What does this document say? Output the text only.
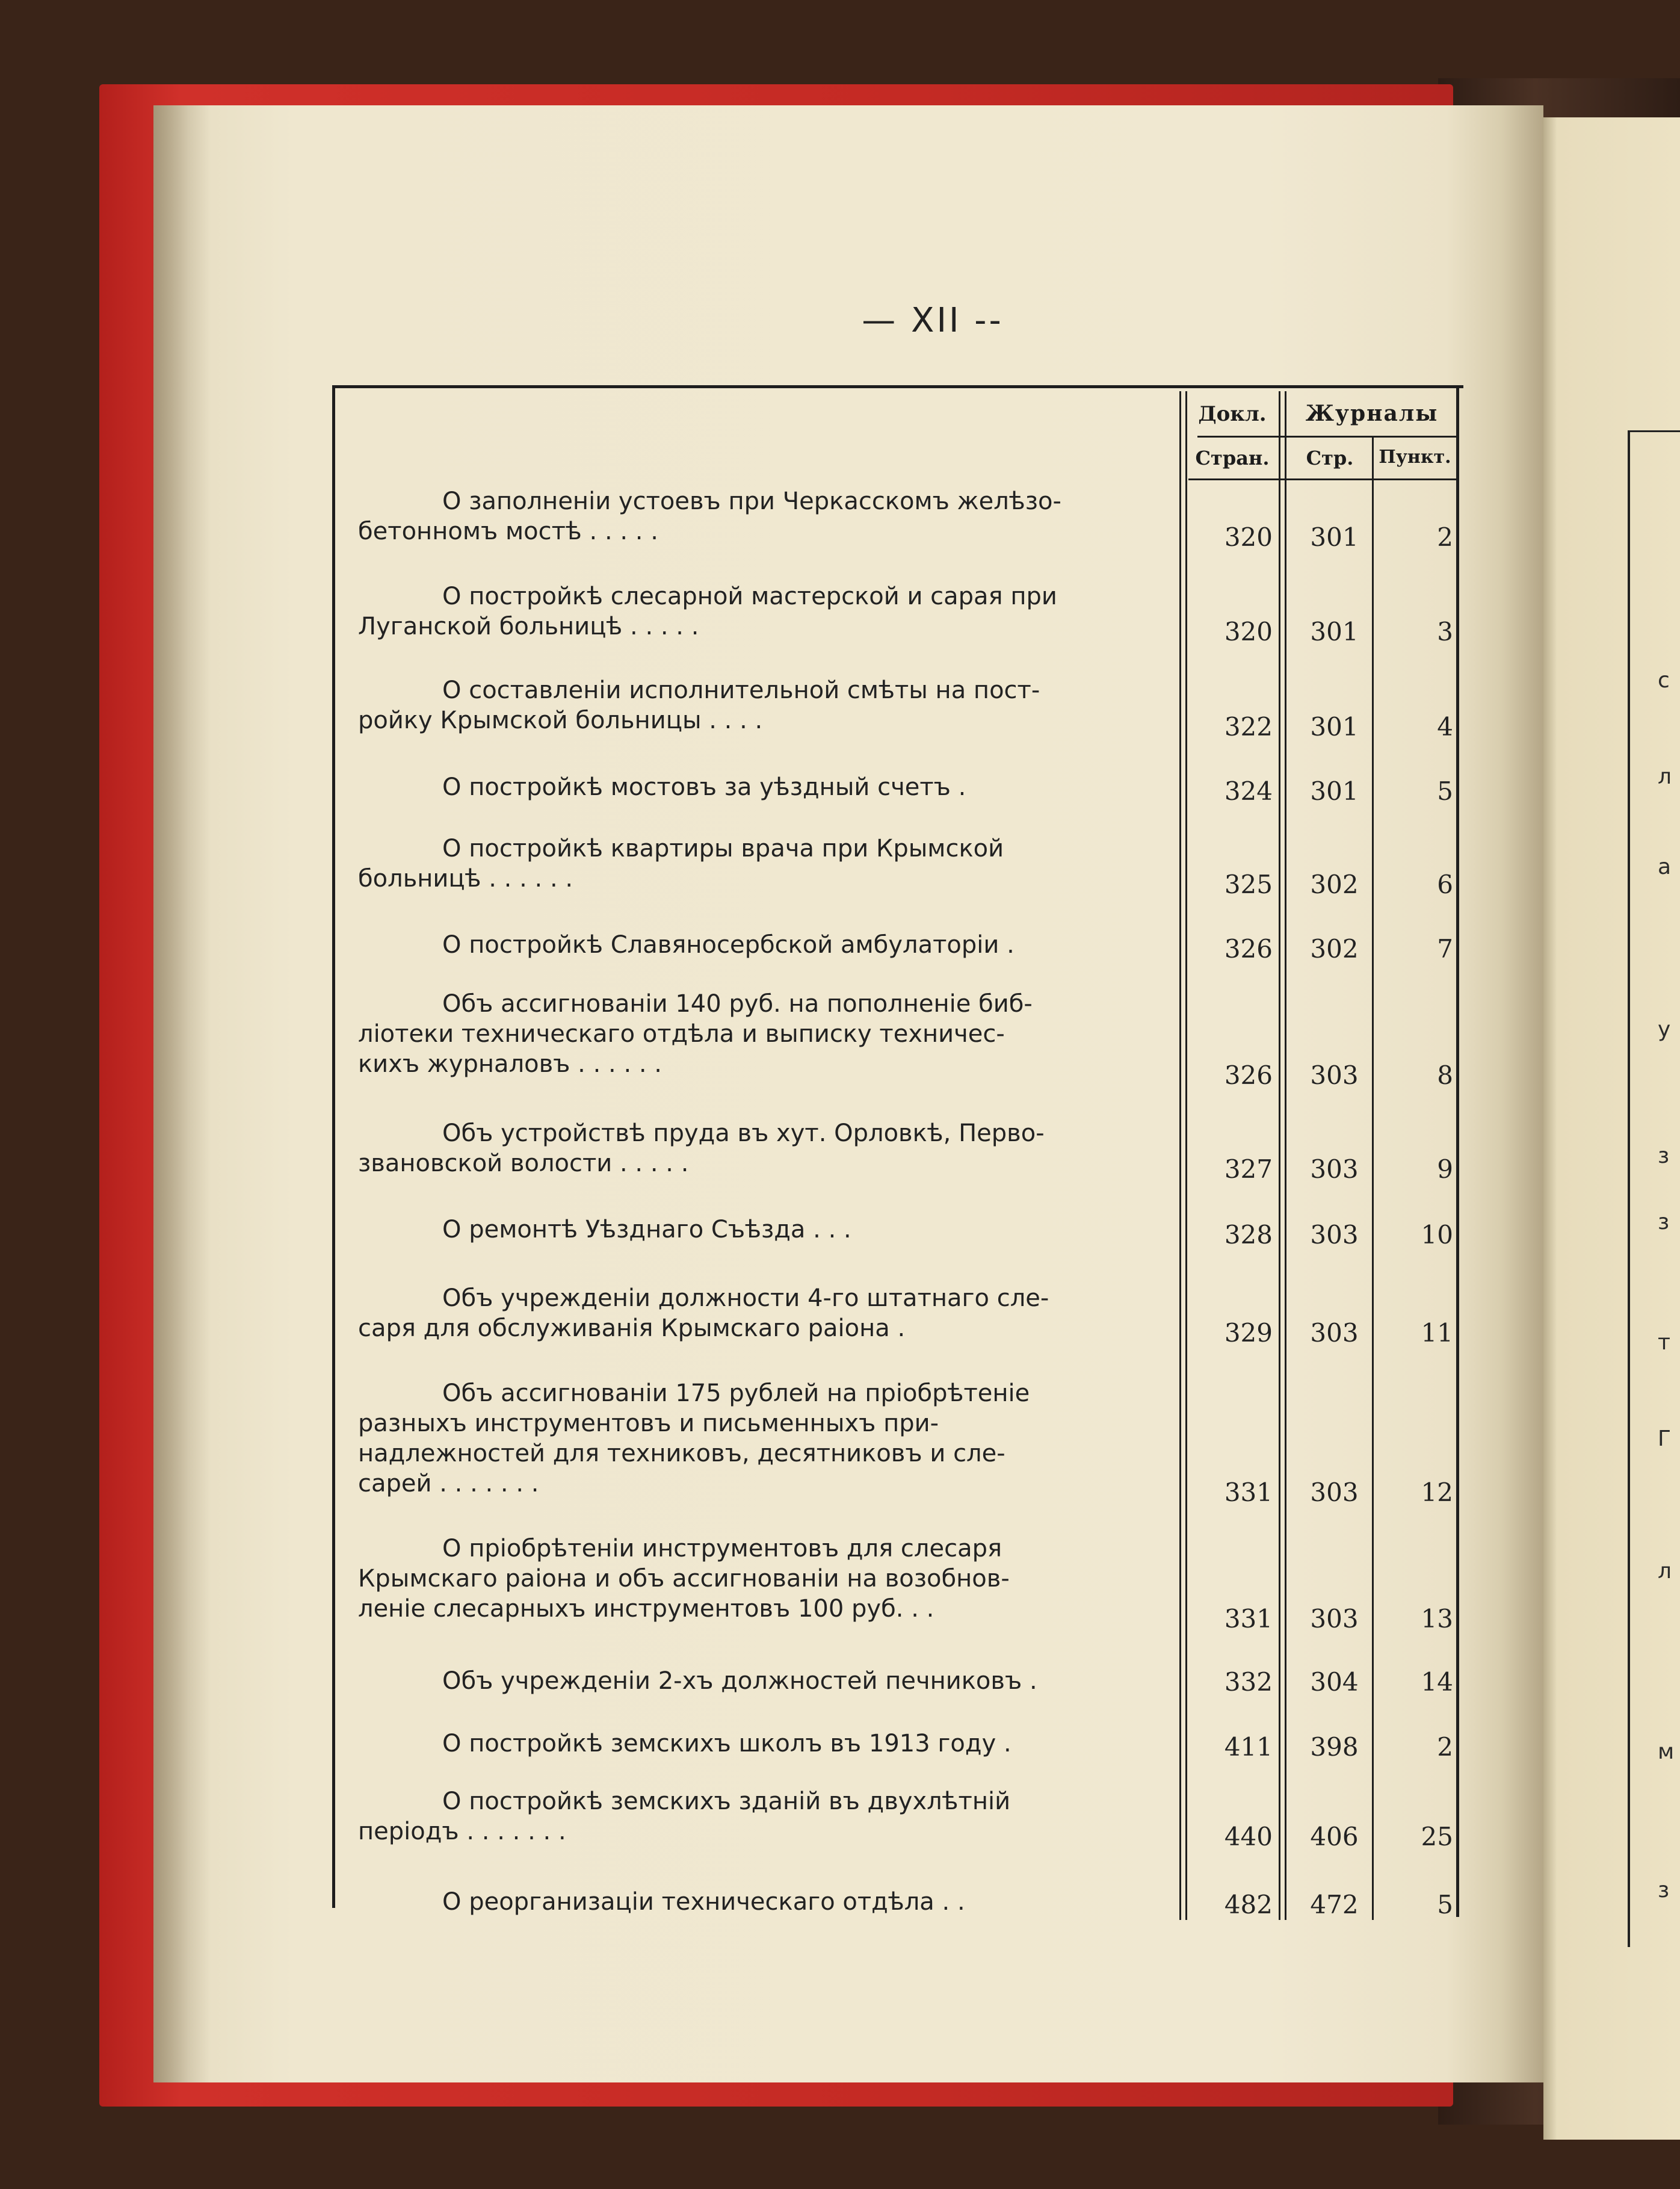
с
л
а
у
з
з
т
Г
л
м
з
— XII --
Докл.	Журналы
Стран.	Стр.	Пункт.
О заполненіи устоевъ при Черкасскомъ желѣзо-
бетонномъ мостѣ . . . . .	320	301	2
О постройкѣ слесарной мастерской и сарая при
Луганской больницѣ . . . . .	320	301	3
О составленіи исполнительной смѣты на пост-
ройку Крымской больницы . . . .	322	301	4
О постройкѣ мостовъ за уѣздный счетъ .	324	301	5
О постройкѣ квартиры врача при Крымской
больницѣ . . . . . .	325	302	6
О постройкѣ Славяносербской амбулаторіи .	326	302	7
Объ ассигнованіи 140 руб. на пополненіе биб-
ліотеки техническаго отдѣла и выписку техничес-
кихъ журналовъ . . . . . .	326	303	8
Объ устройствѣ пруда въ хут. Орловкѣ, Перво-
звановской волости . . . . .	327	303	9
О ремонтѣ Уѣзднаго Съѣзда . . .	328	303	10
Объ учрежденіи должности 4-го штатнаго сле-
саря для обслуживанія Крымскаго раіона .	329	303	11
Объ ассигнованіи 175 рублей на пріобрѣтеніе
разныхъ инструментовъ и письменныхъ при-
надлежностей для техниковъ, десятниковъ и сле-
сарей . . . . . . .	331	303	12
О пріобрѣтеніи инструментовъ для слесаря
Крымскаго раіона и объ ассигнованіи на возобнов-
леніе слесарныхъ инструментовъ 100 руб. . .	331	303	13
Объ учрежденіи 2-хъ должностей печниковъ .	332	304	14
О постройкѣ земскихъ школъ въ 1913 году .	411	398	2
О постройкѣ земскихъ зданій въ двухлѣтній
періодъ . . . . . . .	440	406	25
О реорганизаціи техническаго отдѣла . .	482	472	5
